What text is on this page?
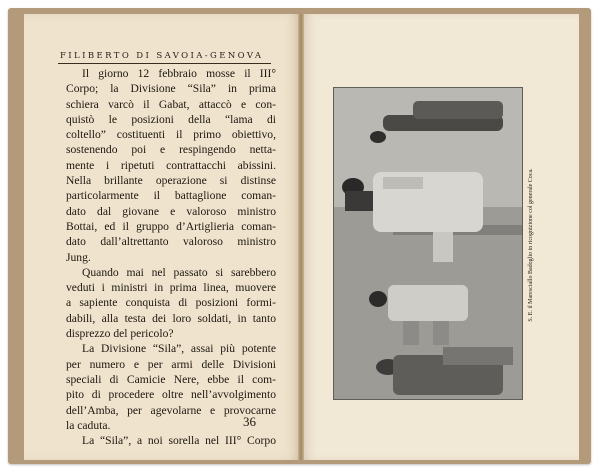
FILIBERTO DI SAVOIA-GENOVA
Il giorno 12 febbraio mosse il III°
Corpo; la Divisione “Sila” in prima
schiera varcò il Gabat, attaccò e con-
quistò le posizioni della “lama di
coltello” costituenti il primo obiettivo,
sostenendo poi e respingendo netta-
mente i ripetuti contrattacchi abissini.
Nella brillante operazione si distinse
particolarmente il battaglione coman-
dato dal giovane e valoroso ministro
Bottai, ed il gruppo d’Artiglieria coman-
dato dall’altrettanto valoroso ministro
Jung.
Quando mai nel passato si sarebbero
veduti i ministri in prima linea, muovere
a sapiente conquista di posizioni formi-
dabili, alla testa dei loro soldati, in tanto
disprezzo del pericolo?
La Divisione “Sila”, assai più potente
per numero e per armi delle Divisioni
speciali di Camicie Nere, ebbe il com-
pito di procedere oltre nell’avvolgimento
dell’Amba, per agevolarne e provocarne
la caduta.
La “Sila”, a noi sorella nel III° Corpo
36
S. E. il Maresciallo Badoglio in ricognizione col generale Coca.
